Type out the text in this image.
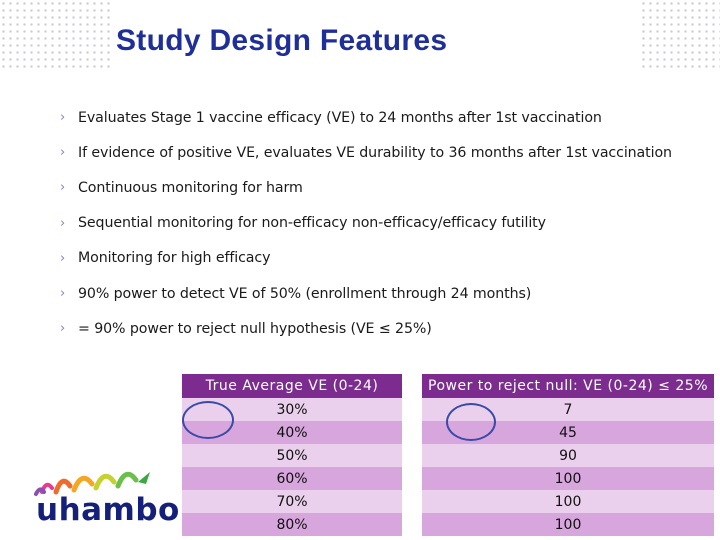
Study Design Features
› Evaluates Stage 1 vaccine efficacy (VE) to 24 months after 1st vaccination
› If evidence of positive VE, evaluates VE durability to 36 months after 1st vaccination
› Continuous monitoring for harm
› Sequential monitoring for non-efficacy non-efficacy/efficacy futility
› Monitoring for high efficacy
› 90% power to detect VE of 50% (enrollment through 24 months)
› = 90% power to reject null hypothesis (VE ≤ 25%)
True Average VE (0-24)		Power to reject null: VE (0-24) ≤ 25%
30%		7
40%		45
50%		90
60%		100
70%		100
80%		100
uhambo
